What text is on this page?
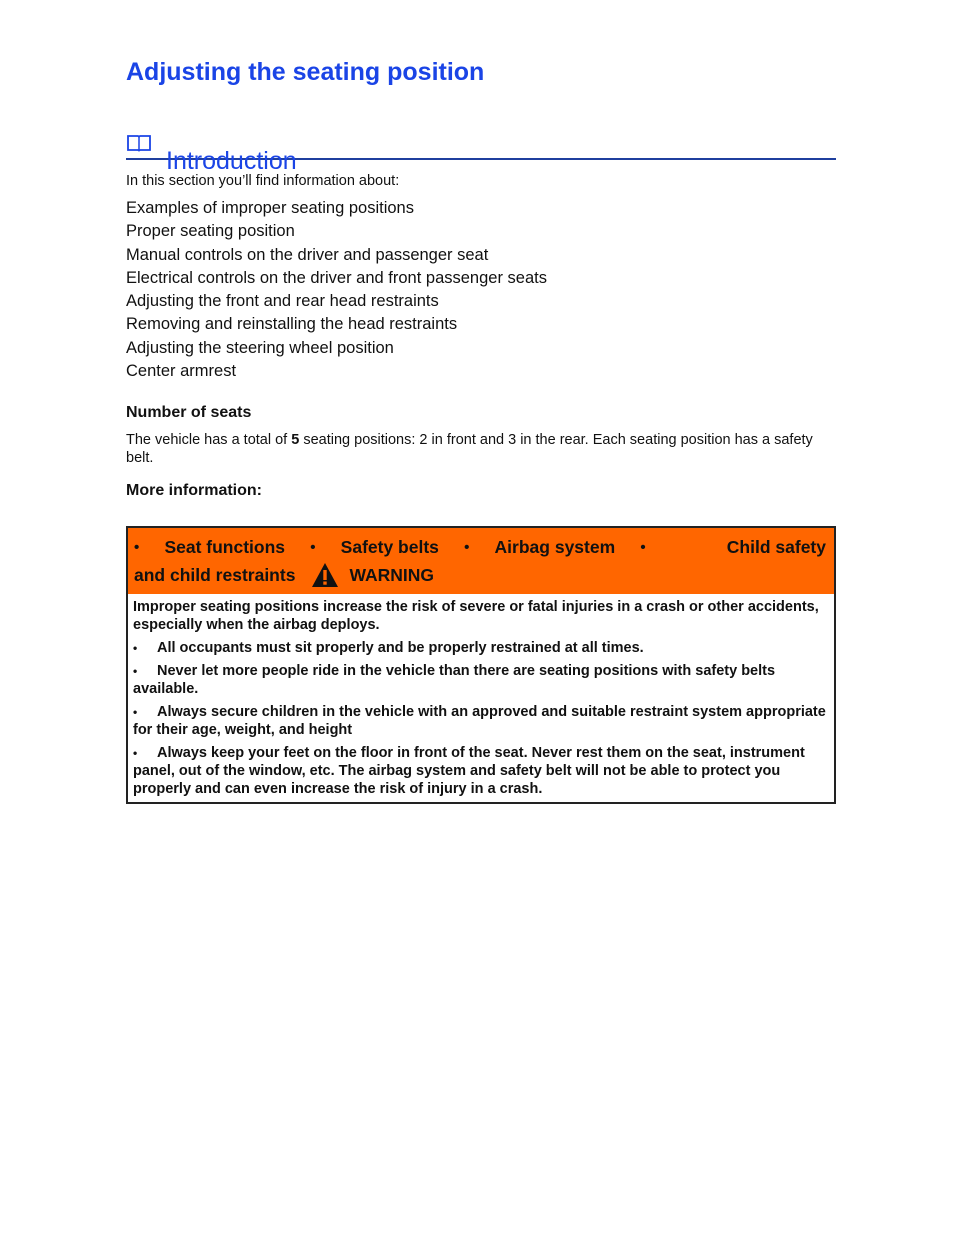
Adjusting the seating position
Introduction
In this section you’ll find information about:
Examples of improper seating positions
Proper seating position
Manual controls on the driver and passenger seat
Electrical controls on the driver and front passenger seats
Adjusting the front and rear head restraints
Removing and reinstalling the head restraints
Adjusting the steering wheel position
Center armrest
Number of seats
The vehicle has a total of 5 seating positions: 2 in front and 3 in the rear. Each seating position has a safety belt.
More information:
• Seat functions • Safety belts • Airbag system •	Child safety
and child restraints	WARNING

Improper seating positions increase the risk of severe or fatal injuries in a crash or other accidents, especially when the airbag deploys.

• All occupants must sit properly and be properly restrained at all times.
• Never let more people ride in the vehicle than there are seating positions with safety belts available.
• Always secure children in the vehicle with an approved and suitable restraint system appropriate for their age, weight, and height
• Always keep your feet on the floor in front of the seat. Never rest them on the seat, instrument panel, out of the window, etc. The airbag system and safety belt will not be able to protect you properly and can even increase the risk of injury in a crash.
